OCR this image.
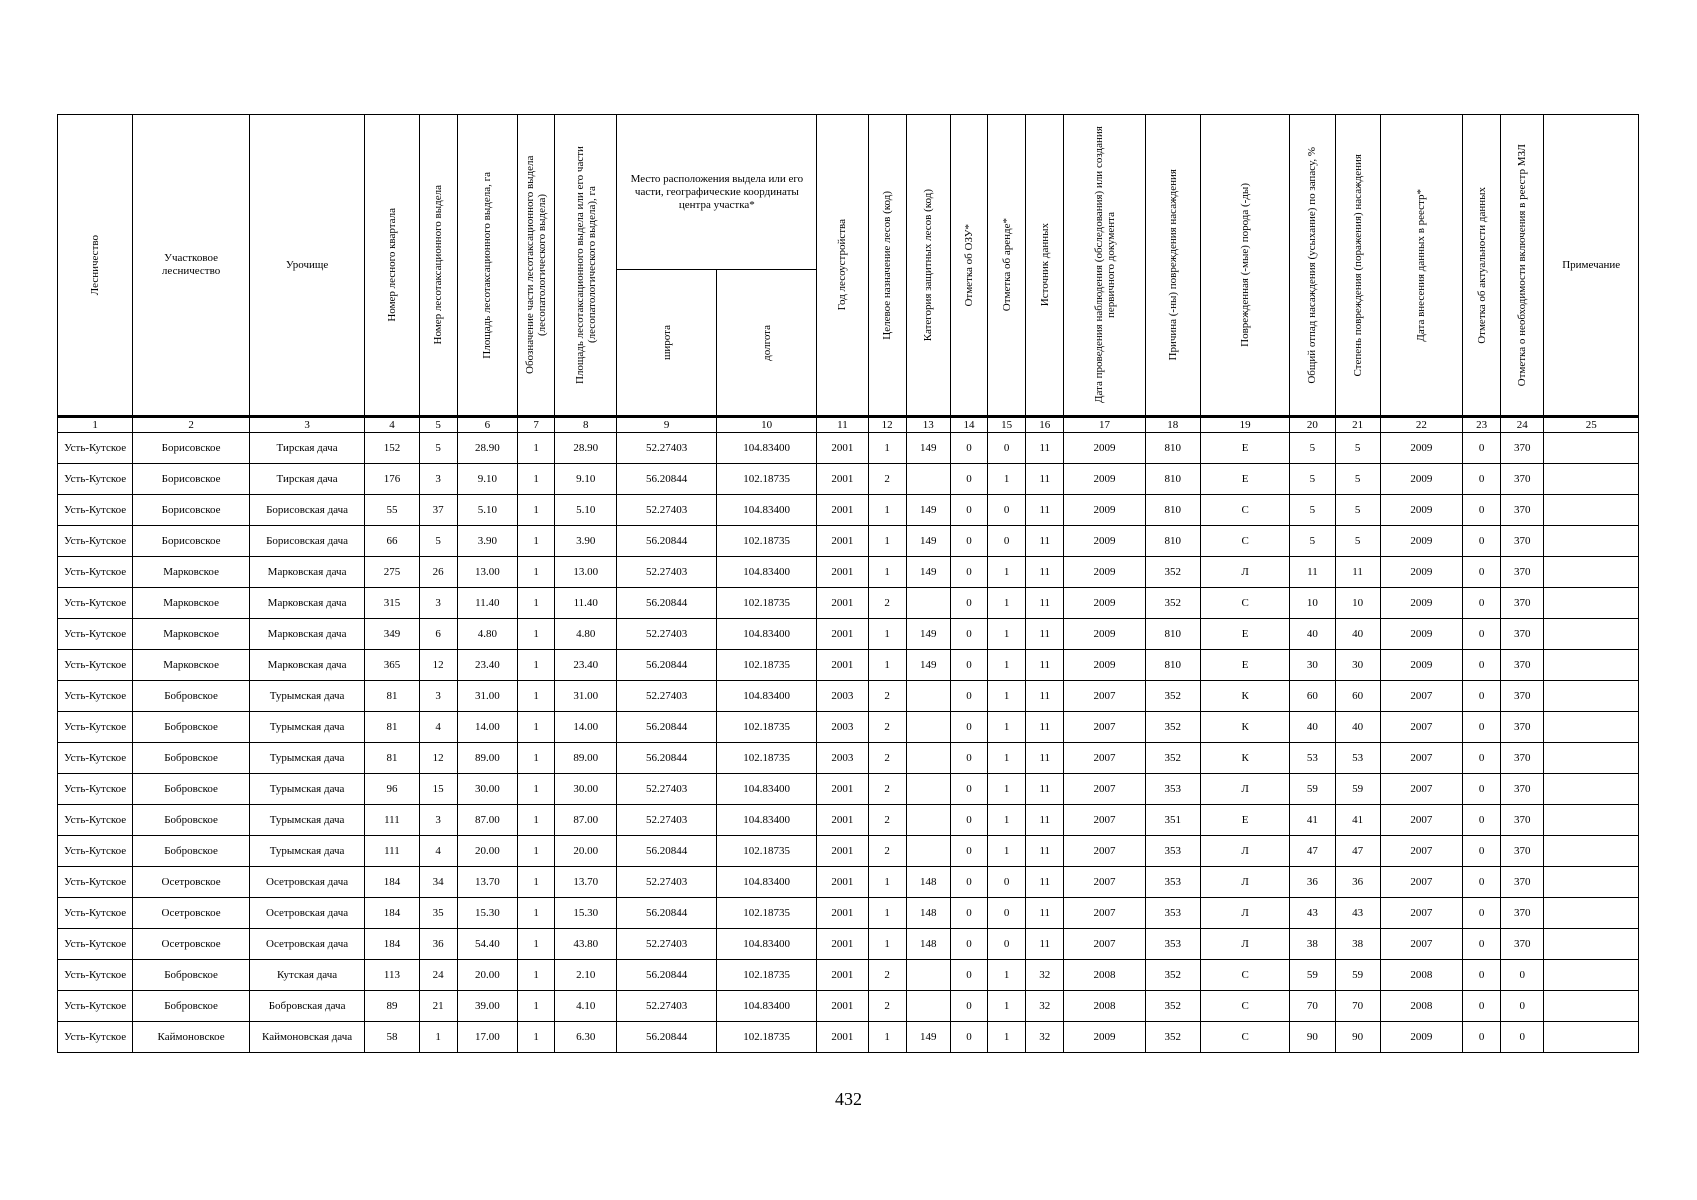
Лесничество	Участковое лесничество	Урочище	Номер лесного квартала	Номер лесотаксационного выдела	Площадь лесотаксационного выдела, га	Обозначение части лесотаксационного выдела (лесопатологического выдела)	Площадь лесотаксационного выдела или его части (лесопатологического выдела), га	Место расположения выдела или его части, географические координаты центра участка*		Год лесоустройства	Целевое назначение лесов (код)	Категория защитных лесов (код)	Отметка об ОЗУ*	Отметка об аренде*	Источник данных	Дата проведения наблюдения (обследования) или создания первичного документа	Причина (-ны) повреждения насаждения	Поврежденная (-мые) порода (-ды)	Общий отпад насаждения (усыхание) по запасу, %	Степень повреждения (поражения) насаждения	Дата внесения данных в реестр*	Отметка об актуальности данных	Отметка о необходимости включения в реестр МЗЛ	Примечание

								широта	долгота															

1	2	3	4	5	6	7	8	9	10	11	12	13	14	15	16	17	18	19	20	21	22	23	24	25
Усть-Кутское	Борисовское	Тирская дача	152	5	28.90	1	28.90	52.27403	104.83400	2001	1	149	0	0	11	2009	810	Е	5	5	2009	0	370	
Усть-Кутское	Борисовское	Тирская дача	176	3	9.10	1	9.10	56.20844	102.18735	2001	2		0	1	11	2009	810	Е	5	5	2009	0	370	
Усть-Кутское	Борисовское	Борисовская дача	55	37	5.10	1	5.10	52.27403	104.83400	2001	1	149	0	0	11	2009	810	С	5	5	2009	0	370	
Усть-Кутское	Борисовское	Борисовская дача	66	5	3.90	1	3.90	56.20844	102.18735	2001	1	149	0	0	11	2009	810	С	5	5	2009	0	370	
Усть-Кутское	Марковское	Марковская дача	275	26	13.00	1	13.00	52.27403	104.83400	2001	1	149	0	1	11	2009	352	Л	11	11	2009	0	370	
Усть-Кутское	Марковское	Марковская дача	315	3	11.40	1	11.40	56.20844	102.18735	2001	2		0	1	11	2009	352	С	10	10	2009	0	370	
Усть-Кутское	Марковское	Марковская дача	349	6	4.80	1	4.80	52.27403	104.83400	2001	1	149	0	1	11	2009	810	Е	40	40	2009	0	370	
Усть-Кутское	Марковское	Марковская дача	365	12	23.40	1	23.40	56.20844	102.18735	2001	1	149	0	1	11	2009	810	Е	30	30	2009	0	370	
Усть-Кутское	Бобровское	Турымская дача	81	3	31.00	1	31.00	52.27403	104.83400	2003	2		0	1	11	2007	352	К	60	60	2007	0	370	
Усть-Кутское	Бобровское	Турымская дача	81	4	14.00	1	14.00	56.20844	102.18735	2003	2		0	1	11	2007	352	К	40	40	2007	0	370	
Усть-Кутское	Бобровское	Турымская дача	81	12	89.00	1	89.00	56.20844	102.18735	2003	2		0	1	11	2007	352	К	53	53	2007	0	370	
Усть-Кутское	Бобровское	Турымская дача	96	15	30.00	1	30.00	52.27403	104.83400	2001	2		0	1	11	2007	353	Л	59	59	2007	0	370	
Усть-Кутское	Бобровское	Турымская дача	111	3	87.00	1	87.00	52.27403	104.83400	2001	2		0	1	11	2007	351	Е	41	41	2007	0	370	
Усть-Кутское	Бобровское	Турымская дача	111	4	20.00	1	20.00	56.20844	102.18735	2001	2		0	1	11	2007	353	Л	47	47	2007	0	370	
Усть-Кутское	Осетровское	Осетровская дача	184	34	13.70	1	13.70	52.27403	104.83400	2001	1	148	0	0	11	2007	353	Л	36	36	2007	0	370	
Усть-Кутское	Осетровское	Осетровская дача	184	35	15.30	1	15.30	56.20844	102.18735	2001	1	148	0	0	11	2007	353	Л	43	43	2007	0	370	
Усть-Кутское	Осетровское	Осетровская дача	184	36	54.40	1	43.80	52.27403	104.83400	2001	1	148	0	0	11	2007	353	Л	38	38	2007	0	370	
Усть-Кутское	Бобровское	Кутская дача	113	24	20.00	1	2.10	56.20844	102.18735	2001	2		0	1	32	2008	352	С	59	59	2008	0	0	
Усть-Кутское	Бобровское	Бобровская дача	89	21	39.00	1	4.10	52.27403	104.83400	2001	2		0	1	32	2008	352	С	70	70	2008	0	0	
Усть-Кутское	Каймоновское	Каймоновская дача	58	1	17.00	1	6.30	56.20844	102.18735	2001	1	149	0	1	32	2009	352	С	90	90	2009	0	0	
432
